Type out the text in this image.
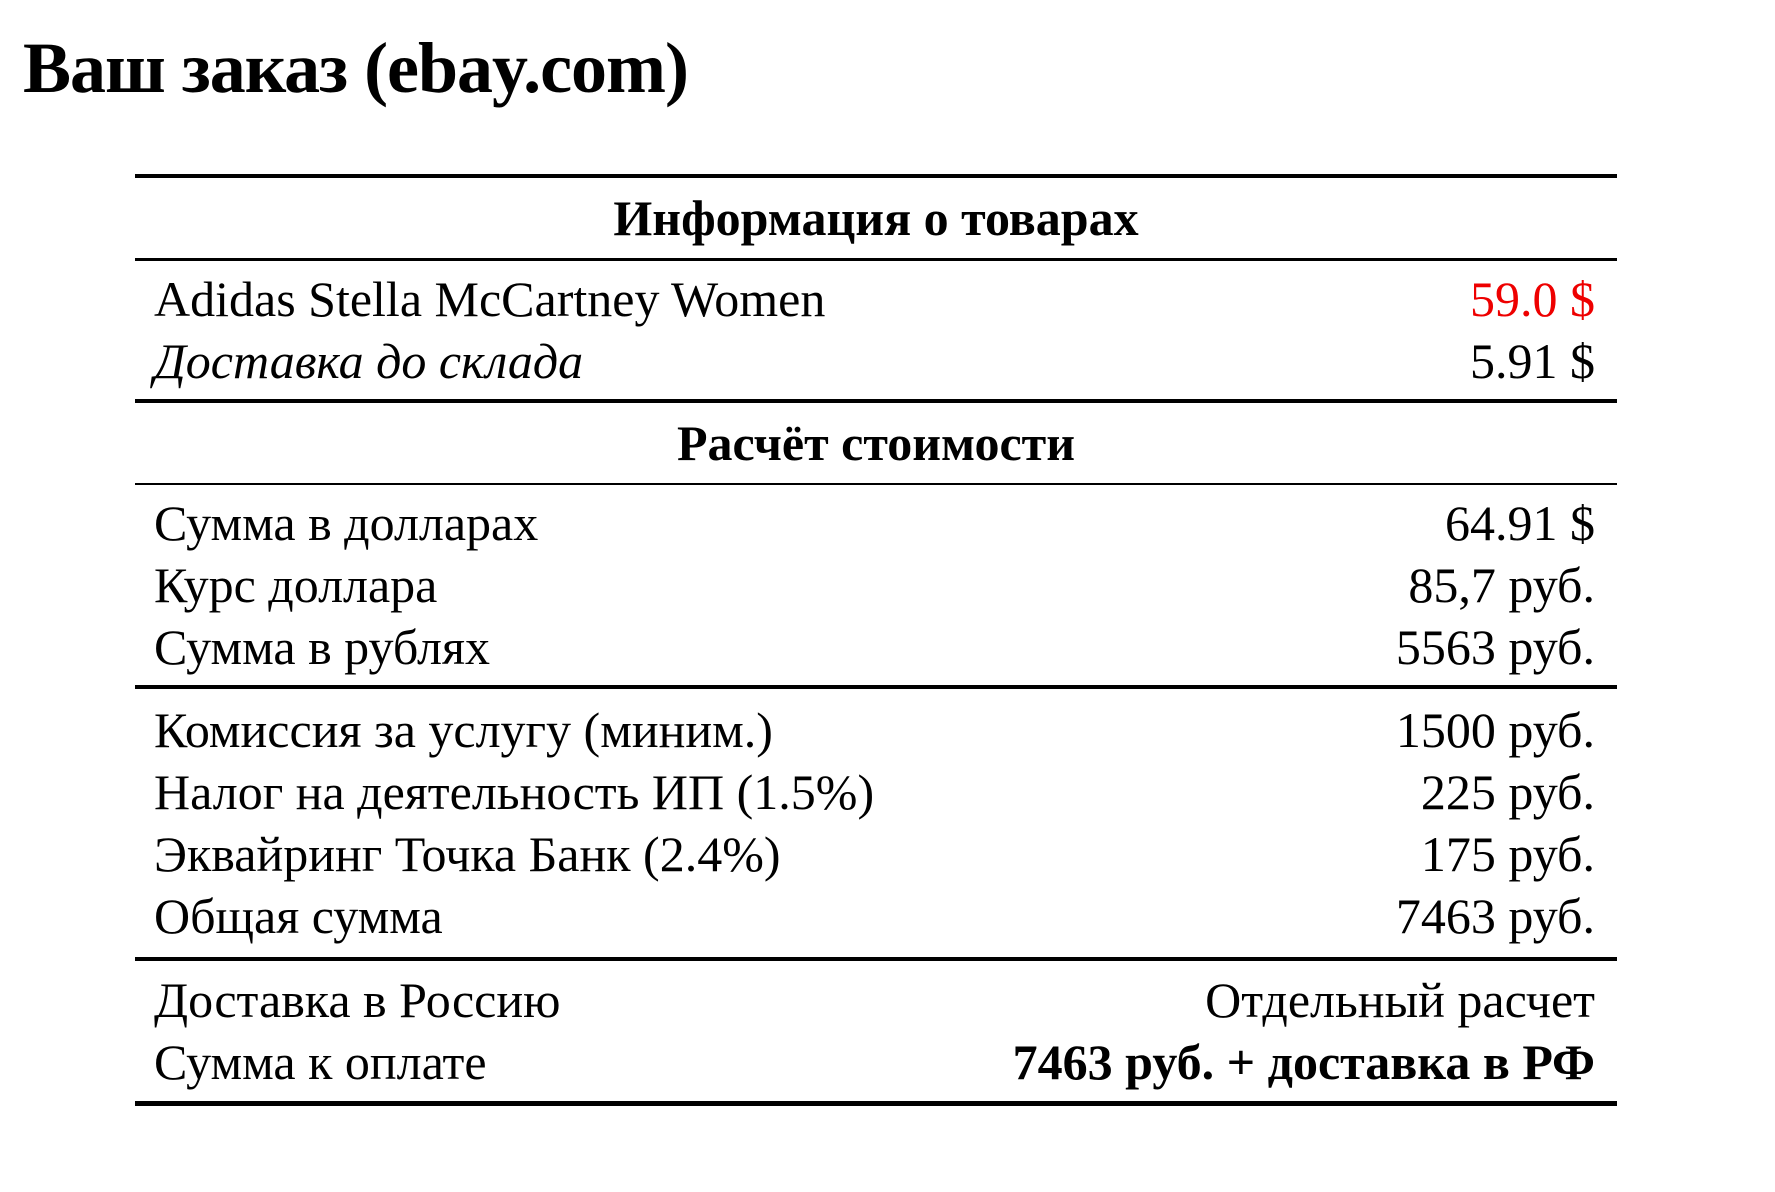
Ваш заказ (ebay.com)
Информация о товарах
Adidas Stella McCartney Women	59.0 $
Доставка до склада	5.91 $
Расчёт стоимости
Сумма в долларах	64.91 $
Курс доллара	85,7 руб.
Сумма в рублях	5563 руб.
Комиссия за услугу (миним.)	1500 руб.
Налог на деятельность ИП (1.5%)	225 руб.
Эквайринг Точка Банк (2.4%)	175 руб.
Общая сумма	7463 руб.
Доставка в Россию	Отдельный расчет
Сумма к оплате	7463 руб. + доставка в РФ
